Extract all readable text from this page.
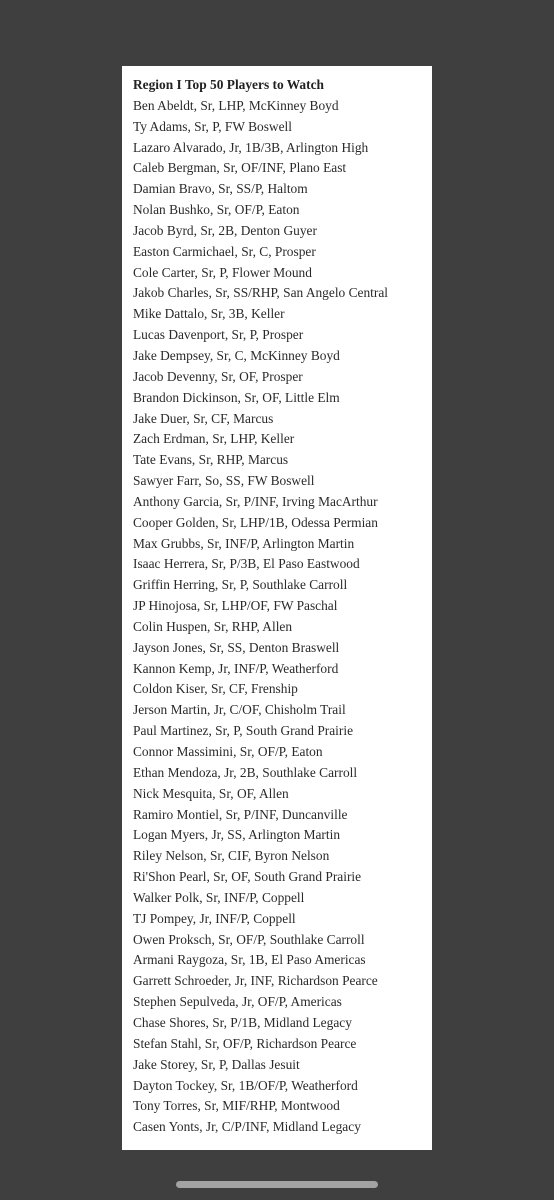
Region I Top 50 Players to Watch
Ben Abeldt, Sr, LHP, McKinney Boyd
Ty Adams, Sr, P, FW Boswell
Lazaro Alvarado, Jr, 1B/3B, Arlington High
Caleb Bergman, Sr, OF/INF, Plano East
Damian Bravo, Sr, SS/P, Haltom
Nolan Bushko, Sr, OF/P, Eaton
Jacob Byrd, Sr, 2B, Denton Guyer
Easton Carmichael, Sr, C, Prosper
Cole Carter, Sr, P, Flower Mound
Jakob Charles, Sr, SS/RHP, San Angelo Central
Mike Dattalo, Sr, 3B, Keller
Lucas Davenport, Sr, P, Prosper
Jake Dempsey, Sr, C, McKinney Boyd
Jacob Devenny, Sr, OF, Prosper
Brandon Dickinson, Sr, OF, Little Elm
Jake Duer, Sr, CF, Marcus
Zach Erdman, Sr, LHP, Keller
Tate Evans, Sr, RHP, Marcus
Sawyer Farr, So, SS, FW Boswell
Anthony Garcia, Sr, P/INF, Irving MacArthur
Cooper Golden, Sr, LHP/1B, Odessa Permian
Max Grubbs, Sr, INF/P, Arlington Martin
Isaac Herrera, Sr, P/3B, El Paso Eastwood
Griffin Herring, Sr, P, Southlake Carroll
JP Hinojosa, Sr, LHP/OF, FW Paschal
Colin Huspen, Sr, RHP, Allen
Jayson Jones, Sr, SS, Denton Braswell
Kannon Kemp, Jr, INF/P, Weatherford
Coldon Kiser, Sr, CF, Frenship
Jerson Martin, Jr, C/OF, Chisholm Trail
Paul Martinez, Sr, P, South Grand Prairie
Connor Massimini, Sr, OF/P, Eaton
Ethan Mendoza, Jr, 2B, Southlake Carroll
Nick Mesquita, Sr, OF, Allen
Ramiro Montiel, Sr, P/INF, Duncanville
Logan Myers, Jr, SS, Arlington Martin
Riley Nelson, Sr, CIF, Byron Nelson
Ri'Shon Pearl, Sr, OF, South Grand Prairie
Walker Polk, Sr, INF/P, Coppell
TJ Pompey, Jr, INF/P, Coppell
Owen Proksch, Sr, OF/P, Southlake Carroll
Armani Raygoza, Sr, 1B, El Paso Americas
Garrett Schroeder, Jr, INF, Richardson Pearce
Stephen Sepulveda, Jr, OF/P, Americas
Chase Shores, Sr, P/1B, Midland Legacy
Stefan Stahl, Sr, OF/P, Richardson Pearce
Jake Storey, Sr, P, Dallas Jesuit
Dayton Tockey, Sr, 1B/OF/P, Weatherford
Tony Torres, Sr, MIF/RHP, Montwood
Casen Yonts, Jr, C/P/INF, Midland Legacy
